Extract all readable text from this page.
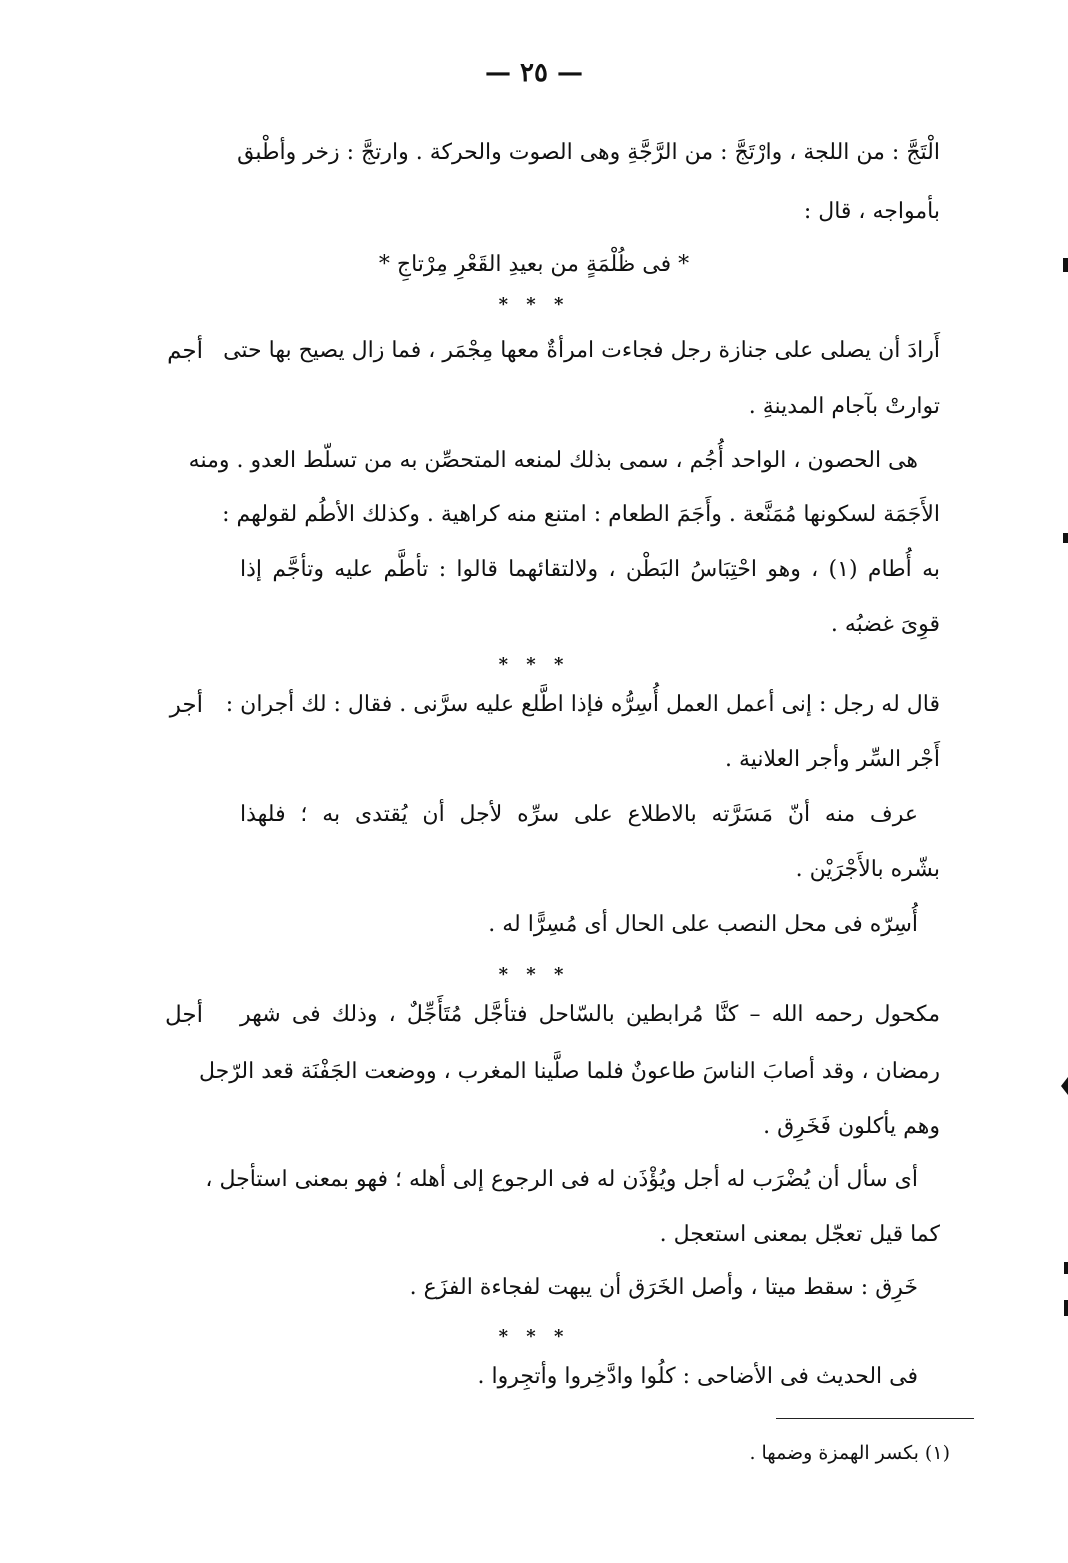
— ٢٥ —
الْتَجَّ : من اللجة ، وارْتَجَّ : من الرَّجَّةِ وهى الصوت والحركة . وارتجَّ : زخر وأطْبق
بأمواجه ، قال :
* فى ظُلْمَةٍ من بعيدِ القَعْرِ مِرْتاجِ *
* * *
أجم أَرادَ أن يصلى على جنازة رجل فجاءت امرأةٌ معها مِجْمَر ، فما زال يصيح بها حتى
توارتْ بآجام المدينةِ .
هى الحصون ، الواحد أُجُم ، سمى بذلك لمنعه المتحصِّن به من تسلّط العدو . ومنه
الأَجَمَة لسكونها مُمَنَّعة . وأَجَمَ الطعام : امتنع منه كراهية . وكذلك الأطُم لقولهم :
به أُطام (١) ، وهو احْتِبَاسُ البَطْن ، ولالتقائهما قالوا : تأطَّم عليه وتأجَّم إذا
قوِىَ غضبُه .
* * *
أجر قال له رجل : إنى أعمل العمل أُسِرُّه فإذا اطَّلع عليه سرَّنى . فقال : لك أجران :
أَجْر السِّر وأجر العلانية .
عرف منه أنّ مَسَرَّته بالاطلاع على سرِّه لأجل أن يُقتدى به ؛ فلهذا
بشّره بالأَجْرَيْن .
أُسِرّه فى محل النصب على الحال أى مُسِرًّا له .
* * *
أجل مكحول رحمه الله – كنَّا مُرابطين بالسّاحل فتأجَّل مُتَأَجِّلٌ ، وذلك فى شهر
رمضان ، وقد أصابَ الناسَ طاعونٌ فلما صلَّينا المغرب ، ووضعت الجَفْنَة قعد الرّجل
وهم يأكلون فَخَرِق .
أى سأل أن يُضْرَب له أجل ويُؤْذَن له فى الرجوع إلى أهله ؛ فهو بمعنى استأجل ،
كما قيل تعجّل بمعنى استعجل .
خَرِق : سقط ميتا ، وأصل الخَرَق أن يبهت لفجاءة الفزَع .
* * *
فى الحديث فى الأضاحى : كلُوا وادَّخِروا وأتجِروا .
(١) بكسر الهمزة وضمها .
